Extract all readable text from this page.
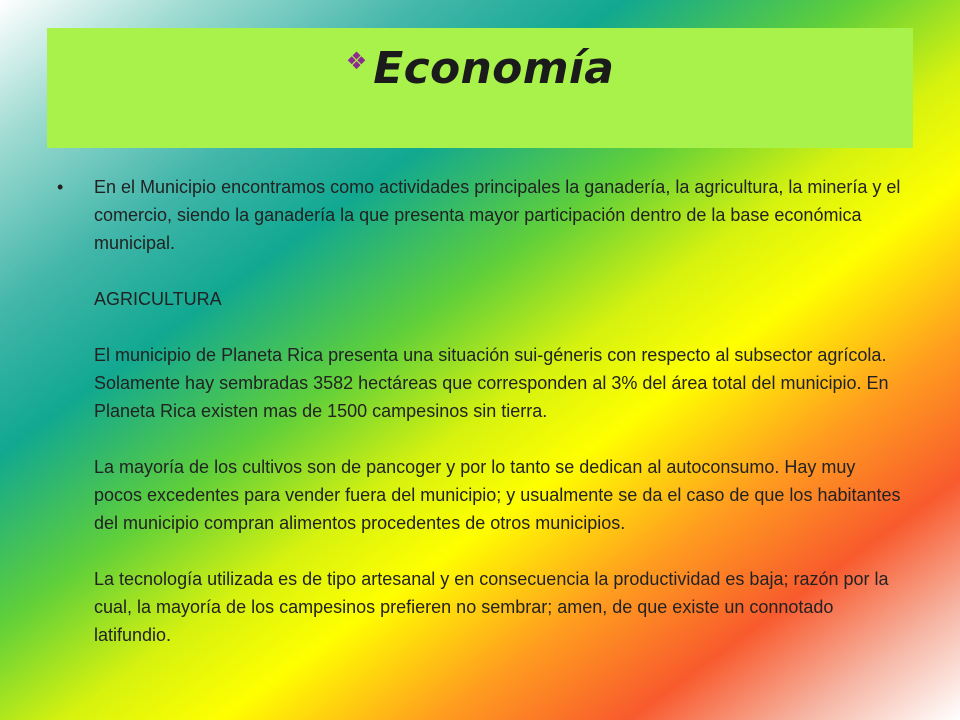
❖ Economía
•	En el Municipio encontramos como actividades principales la ganadería, la agricultura, la minería y el comercio, siendo la ganadería la que presenta mayor participación dentro de la base económica municipal.

AGRICULTURA

El municipio de Planeta Rica presenta una situación sui-géneris con respecto al subsector agrícola. Solamente hay sembradas 3582 hectáreas que corresponden al 3% del área total del municipio. En Planeta Rica existen mas de 1500 campesinos sin tierra.

La mayoría de los cultivos son de pancoger y por lo tanto se dedican al autoconsumo. Hay muy pocos excedentes para vender fuera del municipio; y usualmente se da el caso de que los habitantes del municipio compran alimentos procedentes de otros municipios.

La tecnología utilizada es de tipo artesanal y en consecuencia la productividad es baja; razón por la cual, la mayoría de los campesinos prefieren no sembrar; amen, de que existe un connotado latifundio.
